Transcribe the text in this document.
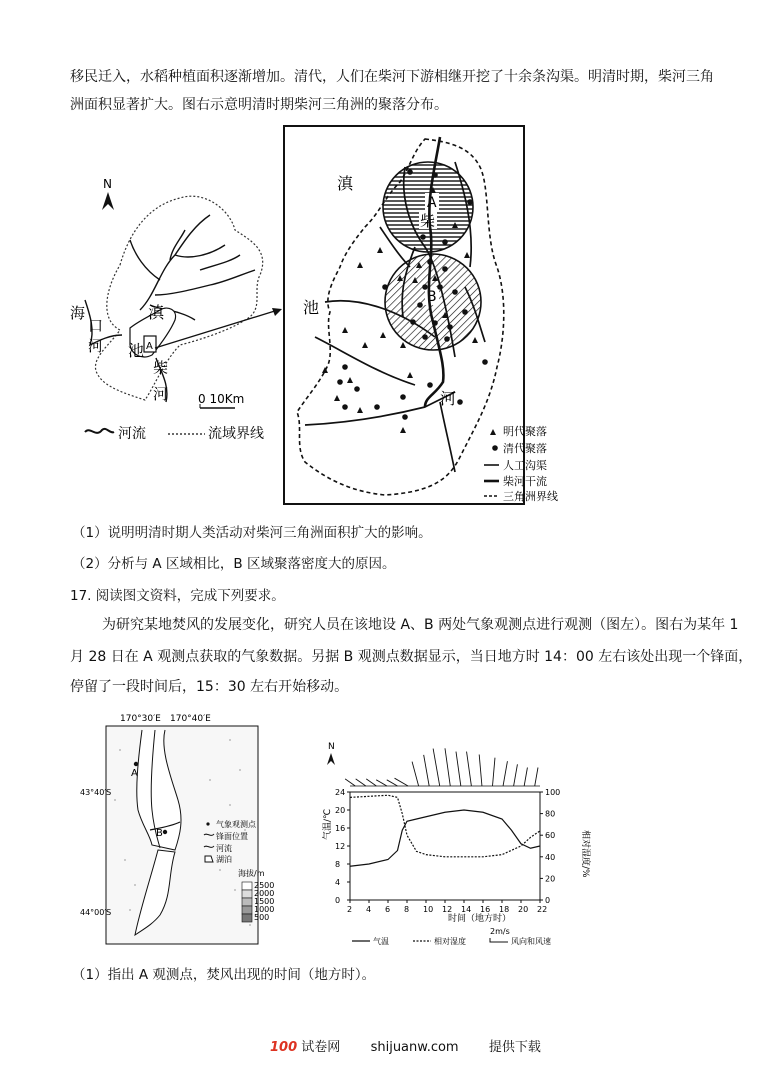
移民迁入，水稻种植面积逐渐增加。清代，人们在柴河下游相继开挖了十余条沟渠。明清时期，柴河三角
洲面积显著扩大。图右示意明清时期柴河三角洲的聚落分布。
N
A
滇
池
海
口
河
柴
河 0 10Km
河流	流域界线
A
柴
B
滇
池
河
明代聚落
清代聚落
人工沟渠
柴河干流
三角洲界线
（1）说明明清时期人类活动对柴河三角洲面积扩大的影响。
（2）分析与 A 区域相比，B 区域聚落密度大的原因。
17. 阅读图文资料，完成下列要求。
为研究某地焚风的发展变化，研究人员在该地设 A、B 两处气象观测点进行观测（图左）。图右为某年 1
月 28 日在 A 观测点获取的气象数据。另据 B 观测点数据显示，当日地方时 14：00 左右该处出现一个锋面，
停留了一段时间后，15：30 左右开始移动。
170°30′E 170°40′E
A
B
43°40′S
44°00′S
气象观测点
锋面位置
河流
湖泊
海拔/m
2500
2000
1500
1000
500
2 4 6 8 10 12 14 16 18 20 22
0
4
8
12
16
20
24
0
20
40
60
80
100
N
时间（地方时）
气温/℃
相对湿度/%
气温	相对湿度
2m/s
风向和风速
（1）指出 A 观测点，焚风出现的时间（地方时）。
100 试卷网 shijuanw.com 提供下载
